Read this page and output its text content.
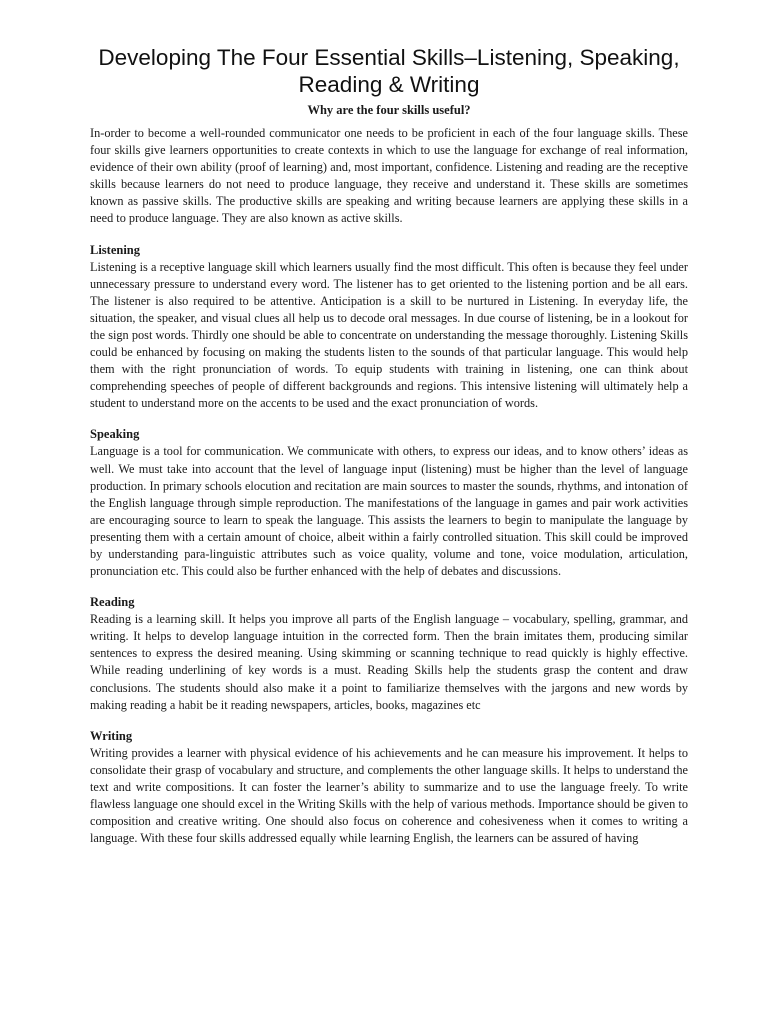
Developing The Four Essential Skills–Listening, Speaking, Reading & Writing
Why are the four skills useful?

In-order to become a well-rounded communicator one needs to be proficient in each of the four language skills. These four skills give learners opportunities to create contexts in which to use the language for exchange of real information, evidence of their own ability (proof of learning) and, most important, confidence. Listening and reading are the receptive skills because learners do not need to produce language, they receive and understand it. These skills are sometimes known as passive skills. The productive skills are speaking and writing because learners are applying these skills in a need to produce language. They are also known as active skills.

Listening

Listening is a receptive language skill which learners usually find the most difficult. This often is because they feel under unnecessary pressure to understand every word. The listener has to get oriented to the listening portion and be all ears. The listener is also required to be attentive. Anticipation is a skill to be nurtured in Listening. In everyday life, the situation, the speaker, and visual clues all help us to decode oral messages. In due course of listening, be in a lookout for the sign post words. Thirdly one should be able to concentrate on understanding the message thoroughly. Listening Skills could be enhanced by focusing on making the students listen to the sounds of that particular language. This would help them with the right pronunciation of words. To equip students with training in listening, one can think about comprehending speeches of people of different backgrounds and regions. This intensive listening will ultimately help a student to understand more on the accents to be used and the exact pronunciation of words.

Speaking

Language is a tool for communication. We communicate with others, to express our ideas, and to know others’ ideas as well. We must take into account that the level of language input (listening) must be higher than the level of language production. In primary schools elocution and recitation are main sources to master the sounds, rhythms, and intonation of the English language through simple reproduction. The manifestations of the language in games and pair work activities are encouraging source to learn to speak the language. This assists the learners to begin to manipulate the language by presenting them with a certain amount of choice, albeit within a fairly controlled situation. This skill could be improved by understanding para-linguistic attributes such as voice quality, volume and tone, voice modulation, articulation, pronunciation etc. This could also be further enhanced with the help of debates and discussions.

Reading

Reading is a learning skill. It helps you improve all parts of the English language – vocabulary, spelling, grammar, and writing. It helps to develop language intuition in the corrected form. Then the brain imitates them, producing similar sentences to express the desired meaning. Using skimming or scanning technique to read quickly is highly effective. While reading underlining of key words is a must. Reading Skills help the students grasp the content and draw conclusions. The students should also make it a point to familiarize themselves with the jargons and new words by making reading a habit be it reading newspapers, articles, books, magazines etc

Writing

Writing provides a learner with physical evidence of his achievements and he can measure his improvement. It helps to consolidate their grasp of vocabulary and structure, and complements the other language skills. It helps to understand the text and write compositions. It can foster the learner’s ability to summarize and to use the language freely. To write flawless language one should excel in the Writing Skills with the help of various methods. Importance should be given to composition and creative writing. One should also focus on coherence and cohesiveness when it comes to writing a language. With these four skills addressed equally while learning English, the learners can be assured of having
